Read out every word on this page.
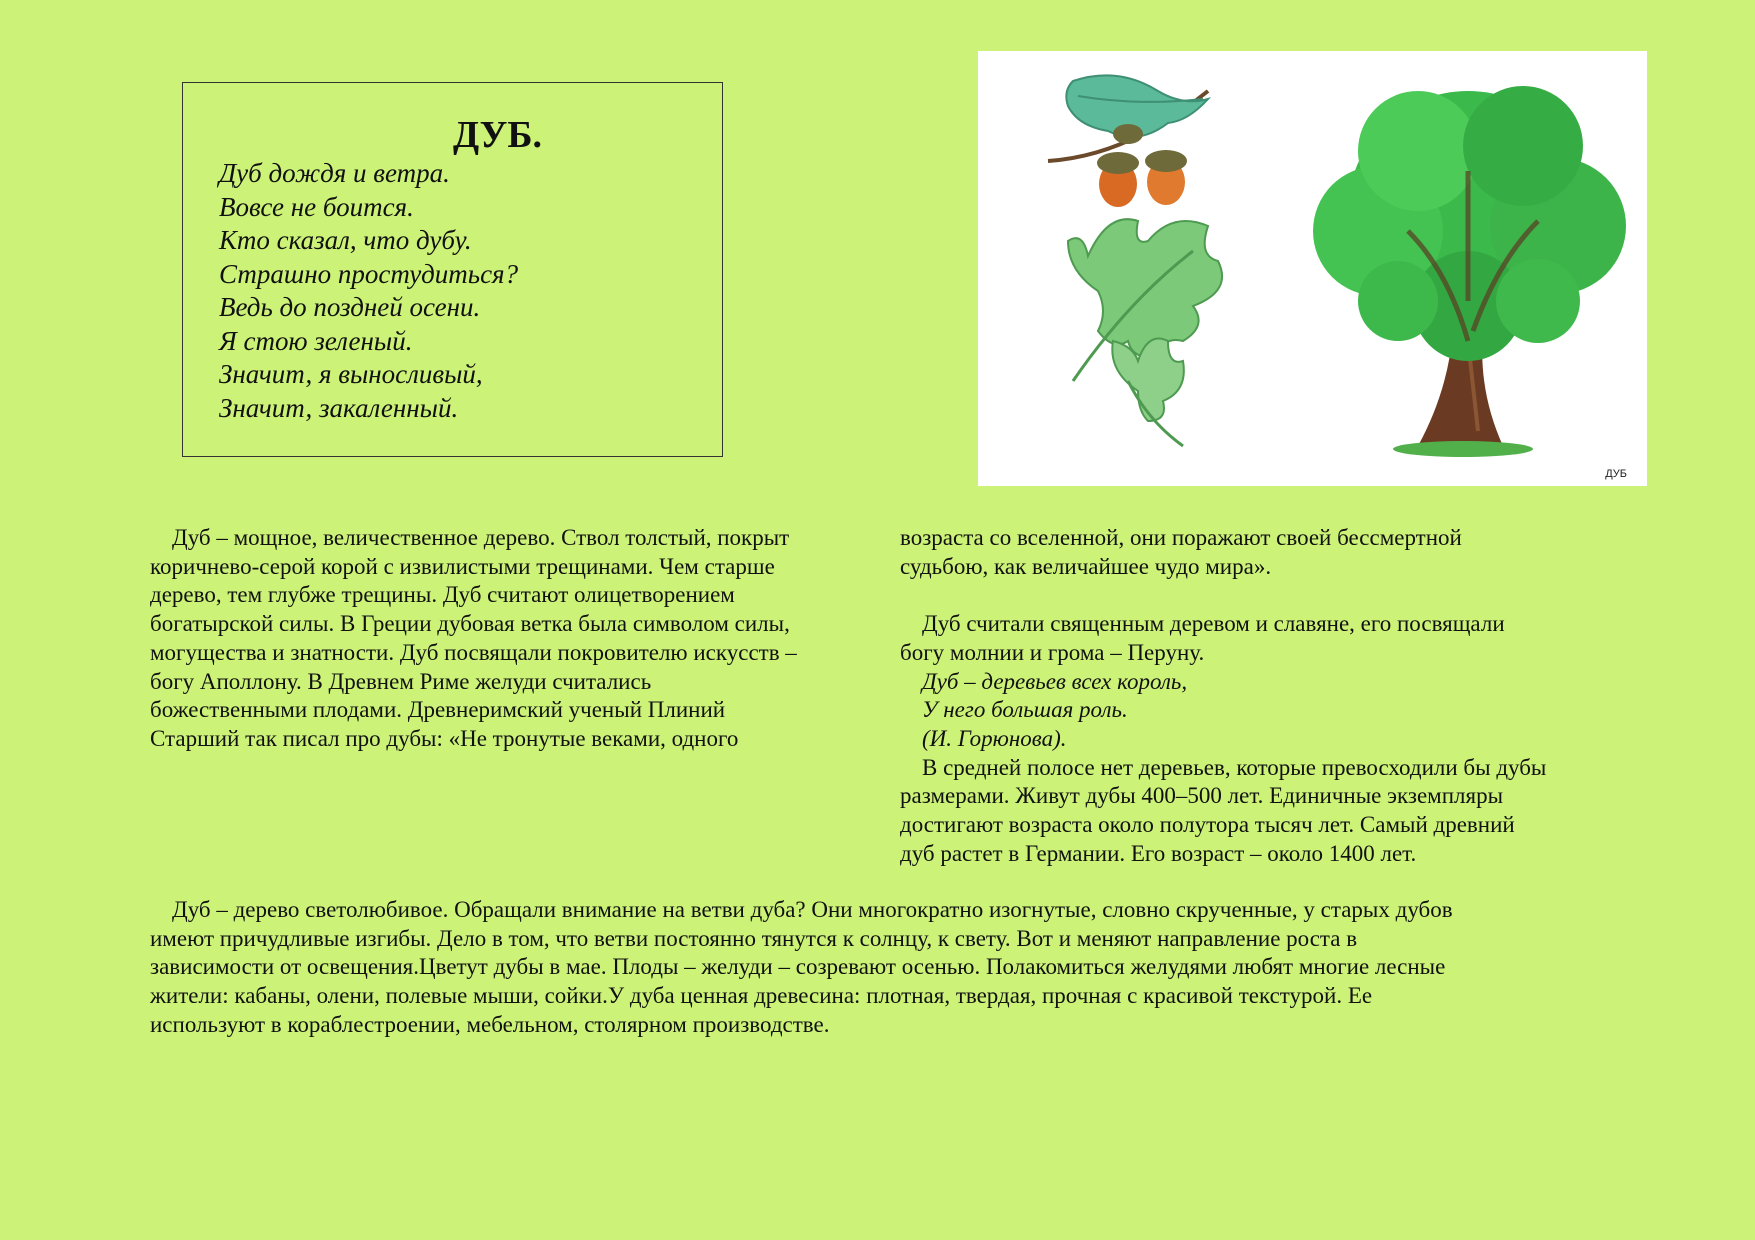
ДУБ.
Дуб дождя и ветра.
Вовсе не боится.
Кто сказал, что дубу.
Страшно простудиться?
Ведь до поздней осени.
Я стою зеленый.
Значит, я выносливый,
Значит, закаленный.
ДУБ
Дуб – мощное, величественное дерево. Ствол толстый, покрыт
коричнево-серой корой с извилистыми трещинами. Чем старше
дерево, тем глубже трещины. Дуб считают олицетворением
богатырской силы. В Греции дубовая ветка была символом силы,
могущества и знатности. Дуб посвящали покровителю искусств –
богу Аполлону. В Древнем Риме желуди считались
божественными плодами. Древнеримский ученый Плиний
Старший так писал про дубы: «Не тронутые веками, одного
возраста со вселенной, они поражают своей бессмертной
судьбою, как величайшее чудо мира».
Дуб считали священным деревом и славяне, его посвящали
богу молнии и грома – Перуну.
Дуб – деревьев всех король,
У него большая роль.
(И. Горюнова).
В средней полосе нет деревьев, которые превосходили бы дубы
размерами. Живут дубы 400–500 лет. Единичные экземпляры
достигают возраста около полутора тысяч лет. Самый древний
дуб растет в Германии. Его возраст – около 1400 лет.
Дуб – дерево светолюбивое. Обращали внимание на ветви дуба? Они многократно изогнутые, словно скрученные, у старых дубов
имеют причудливые изгибы. Дело в том, что ветви постоянно тянутся к солнцу, к свету. Вот и меняют направление роста в
зависимости от освещения.Цветут дубы в мае. Плоды – желуди – созревают осенью. Полакомиться желудями любят многие лесные
жители: кабаны, олени, полевые мыши, сойки.У дуба ценная древесина: плотная, твердая, прочная с красивой текстурой. Ее
используют в кораблестроении, мебельном, столярном производстве.
